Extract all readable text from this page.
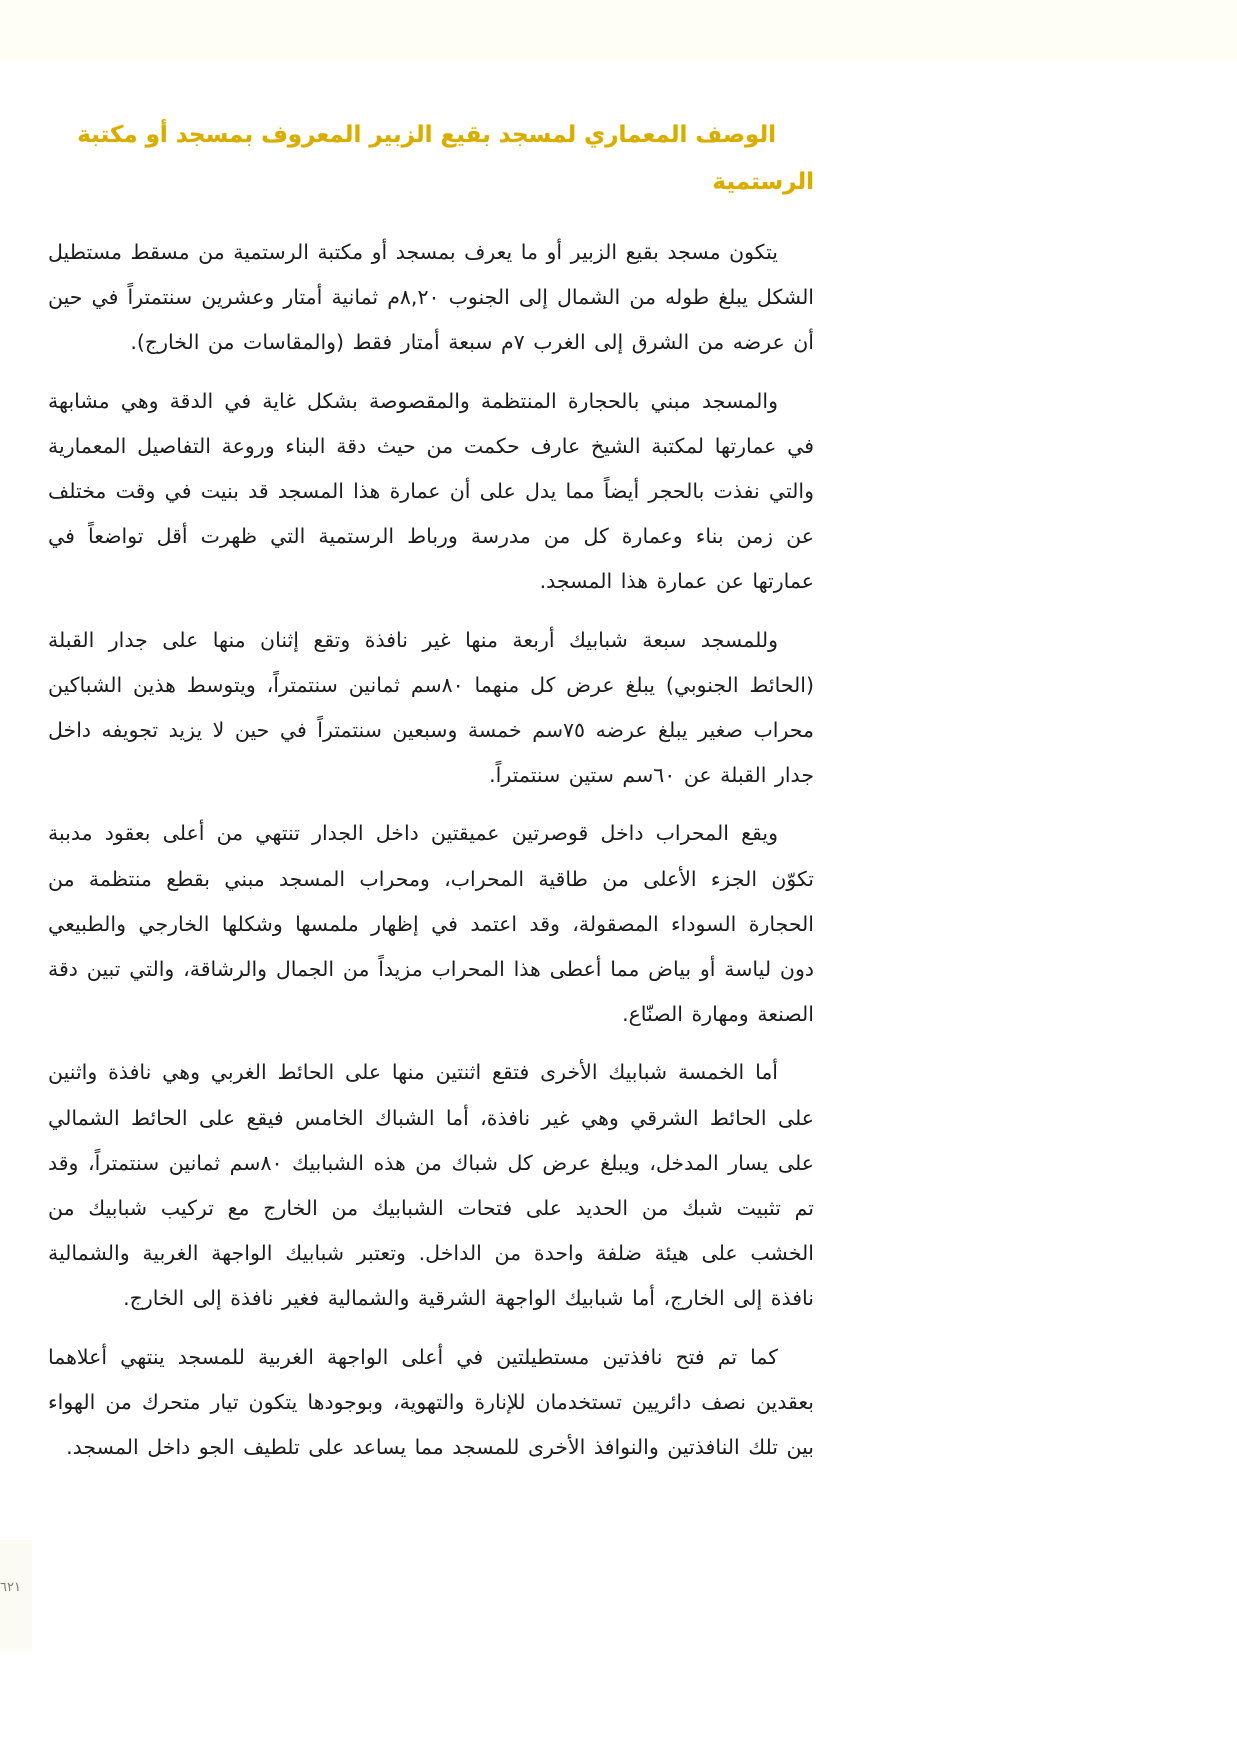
٦٢١
الوصف المعماري لمسجد بقيع الزبير المعروف بمسجد أو مكتبة
الرستمية

يتكون مسجد بقيع الزبير أو ما يعرف بمسجد أو مكتبة الرستمية من مسقط مستطيل الشكل يبلغ طوله من الشمال إلى الجنوب ٨,٢٠م ثمانية أمتار وعشرين سنتمتراً في حين أن عرضه من الشرق إلى الغرب ٧م سبعة أمتار فقط (والمقاسات من الخارج).

والمسجد مبني بالحجارة المنتظمة والمقصوصة بشكل غاية في الدقة وهي مشابهة في عمارتها لمكتبة الشيخ عارف حكمت من حيث دقة البناء وروعة التفاصيل المعمارية والتي نفذت بالحجر أيضاً مما يدل على أن عمارة هذا المسجد قد بنيت في وقت مختلف عن زمن بناء وعمارة كل من مدرسة ورباط الرستمية التي ظهرت أقل تواضعاً في عمارتها عن عمارة هذا المسجد.

وللمسجد سبعة شبابيك أربعة منها غير نافذة وتقع إثنان منها على جدار القبلة (الحائط الجنوبي) يبلغ عرض كل منهما ٨٠سم ثمانين سنتمتراً، ويتوسط هذين الشباكين محراب صغير يبلغ عرضه ٧٥سم خمسة وسبعين سنتمتراً في حين لا يزيد تجويفه داخل جدار القبلة عن ٦٠سم ستين سنتمتراً.

ويقع المحراب داخل قوصرتين عميقتين داخل الجدار تنتهي من أعلى بعقود مدببة تكوّن الجزء الأعلى من طاقية المحراب، ومحراب المسجد مبني بقطع منتظمة من الحجارة السوداء المصقولة، وقد اعتمد في إظهار ملمسها وشكلها الخارجي والطبيعي دون لياسة أو بياض مما أعطى هذا المحراب مزيداً من الجمال والرشاقة، والتي تبين دقة الصنعة ومهارة الصنّاع.

أما الخمسة شبابيك الأخرى فتقع اثنتين منها على الحائط الغربي وهي نافذة واثنين على الحائط الشرقي وهي غير نافذة، أما الشباك الخامس فيقع على الحائط الشمالي على يسار المدخل، ويبلغ عرض كل شباك من هذه الشبابيك ٨٠سم ثمانين سنتمتراً، وقد تم تثبيت شبك من الحديد على فتحات الشبابيك من الخارج مع تركيب شبابيك من الخشب على هيئة ضلفة واحدة من الداخل. وتعتبر شبابيك الواجهة الغربية والشمالية نافذة إلى الخارج، أما شبابيك الواجهة الشرقية والشمالية فغير نافذة إلى الخارج.

كما تم فتح نافذتين مستطيلتين في أعلى الواجهة الغربية للمسجد ينتهي أعلاهما بعقدين نصف دائريين تستخدمان للإنارة والتهوية، وبوجودها يتكون تيار متحرك من الهواء بين تلك النافذتين والنوافذ الأخرى للمسجد مما يساعد على تلطيف الجو داخل المسجد.
